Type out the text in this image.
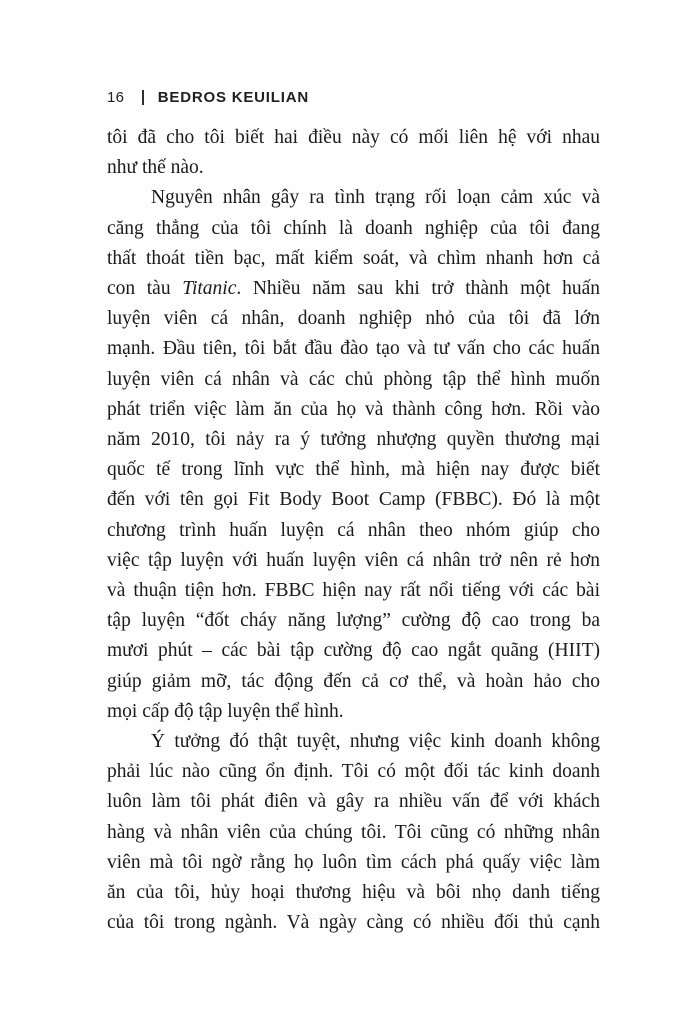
16 BEDROS KEUILIAN
tôi đã cho tôi biết hai điều này có mối liên hệ với nhau
như thế nào.
Nguyên nhân gây ra tình trạng rối loạn cảm xúc và
căng thẳng của tôi chính là doanh nghiệp của tôi đang
thất thoát tiền bạc, mất kiểm soát, và chìm nhanh hơn cả
con tàu Titanic. Nhiều năm sau khi trở thành một huấn
luyện viên cá nhân, doanh nghiệp nhỏ của tôi đã lớn
mạnh. Đầu tiên, tôi bắt đầu đào tạo và tư vấn cho các huấn
luyện viên cá nhân và các chủ phòng tập thể hình muốn
phát triển việc làm ăn của họ và thành công hơn. Rồi vào
năm 2010, tôi nảy ra ý tưởng nhượng quyền thương mại
quốc tế trong lĩnh vực thể hình, mà hiện nay được biết
đến với tên gọi Fit Body Boot Camp (FBBC). Đó là một
chương trình huấn luyện cá nhân theo nhóm giúp cho
việc tập luyện với huấn luyện viên cá nhân trở nên rẻ hơn
và thuận tiện hơn. FBBC hiện nay rất nổi tiếng với các bài
tập luyện “đốt cháy năng lượng” cường độ cao trong ba
mươi phút – các bài tập cường độ cao ngắt quãng (HIIT)
giúp giảm mỡ, tác động đến cả cơ thể, và hoàn hảo cho
mọi cấp độ tập luyện thể hình.
Ý tưởng đó thật tuyệt, nhưng việc kinh doanh không
phải lúc nào cũng ổn định. Tôi có một đối tác kinh doanh
luôn làm tôi phát điên và gây ra nhiều vấn để với khách
hàng và nhân viên của chúng tôi. Tôi cũng có những nhân
viên mà tôi ngờ rằng họ luôn tìm cách phá quấy việc làm
ăn của tôi, hủy hoại thương hiệu và bôi nhọ danh tiếng
của tôi trong ngành. Và ngày càng có nhiều đối thủ cạnh
